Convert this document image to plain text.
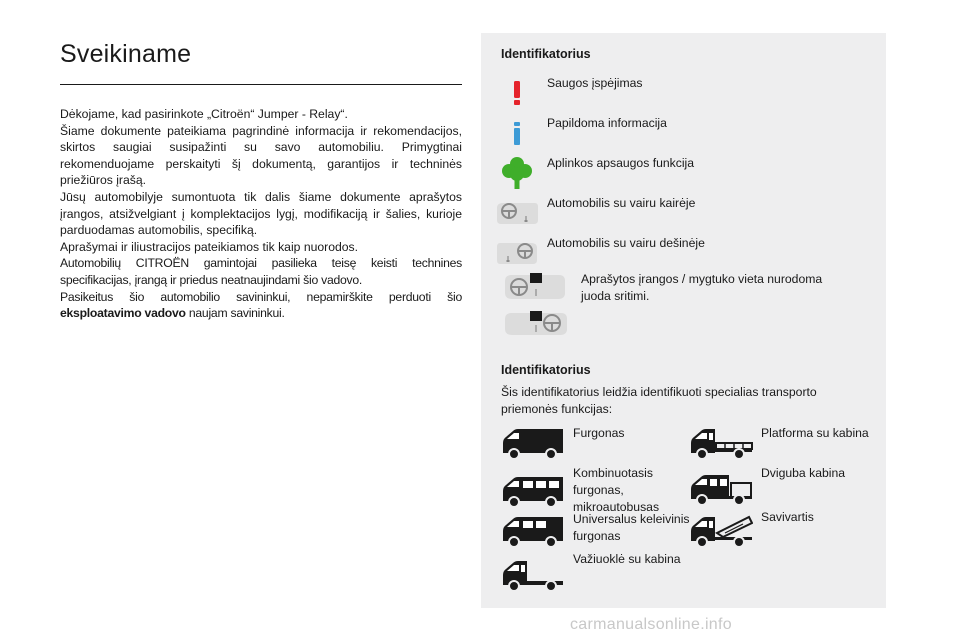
Sveikiname

Dėkojame, kad pasirinkote „Citroën“ Jumper - Relay“.

Šiame dokumente pateikiama pagrindinė informacija ir rekomendacijos, skirtos saugiai susipažinti su savo automobiliu. Primygtinai rekomenduojame perskaityti šį dokumentą, garantijos ir techninės priežiūros įrašą.

Jūsų automobilyje sumontuota tik dalis šiame dokumente aprašytos įrangos, atsižvelgiant į komplektacijos lygį, modifikaciją ir šalies, kurioje parduodamas automobilis, specifiką.

Aprašymai ir iliustracijos pateikiamos tik kaip nuorodos.

Automobilių CITROËN gamintojai pasilieka teisę keisti technines specifikacijas, įrangą ir priedus neatnaujindami šio vadovo.

Pasikeitus šio automobilio savininkui, nepamirškite perduoti šio eksploatavimo vadovo naujam savininkui.

Identifikatorius
Saugos įspėjimas
Papildoma informacija
Aplinkos apsaugos funkcija
Automobilis su vairu kairėje
Automobilis su vairu dešinėje
Aprašytos įrangos / mygtuko vieta nurodoma juoda sritimi.
Identifikatorius
Šis identifikatorius leidžia identifikuoti specialias transporto priemonės funkcijas:
Furgonas
Kombinuotasis furgonas, mikroautobusas
Universalus keleivinis furgonas
Važiuoklė su kabina
Platforma su kabina
Dviguba kabina
Savivartis
carmanualsonline.info
